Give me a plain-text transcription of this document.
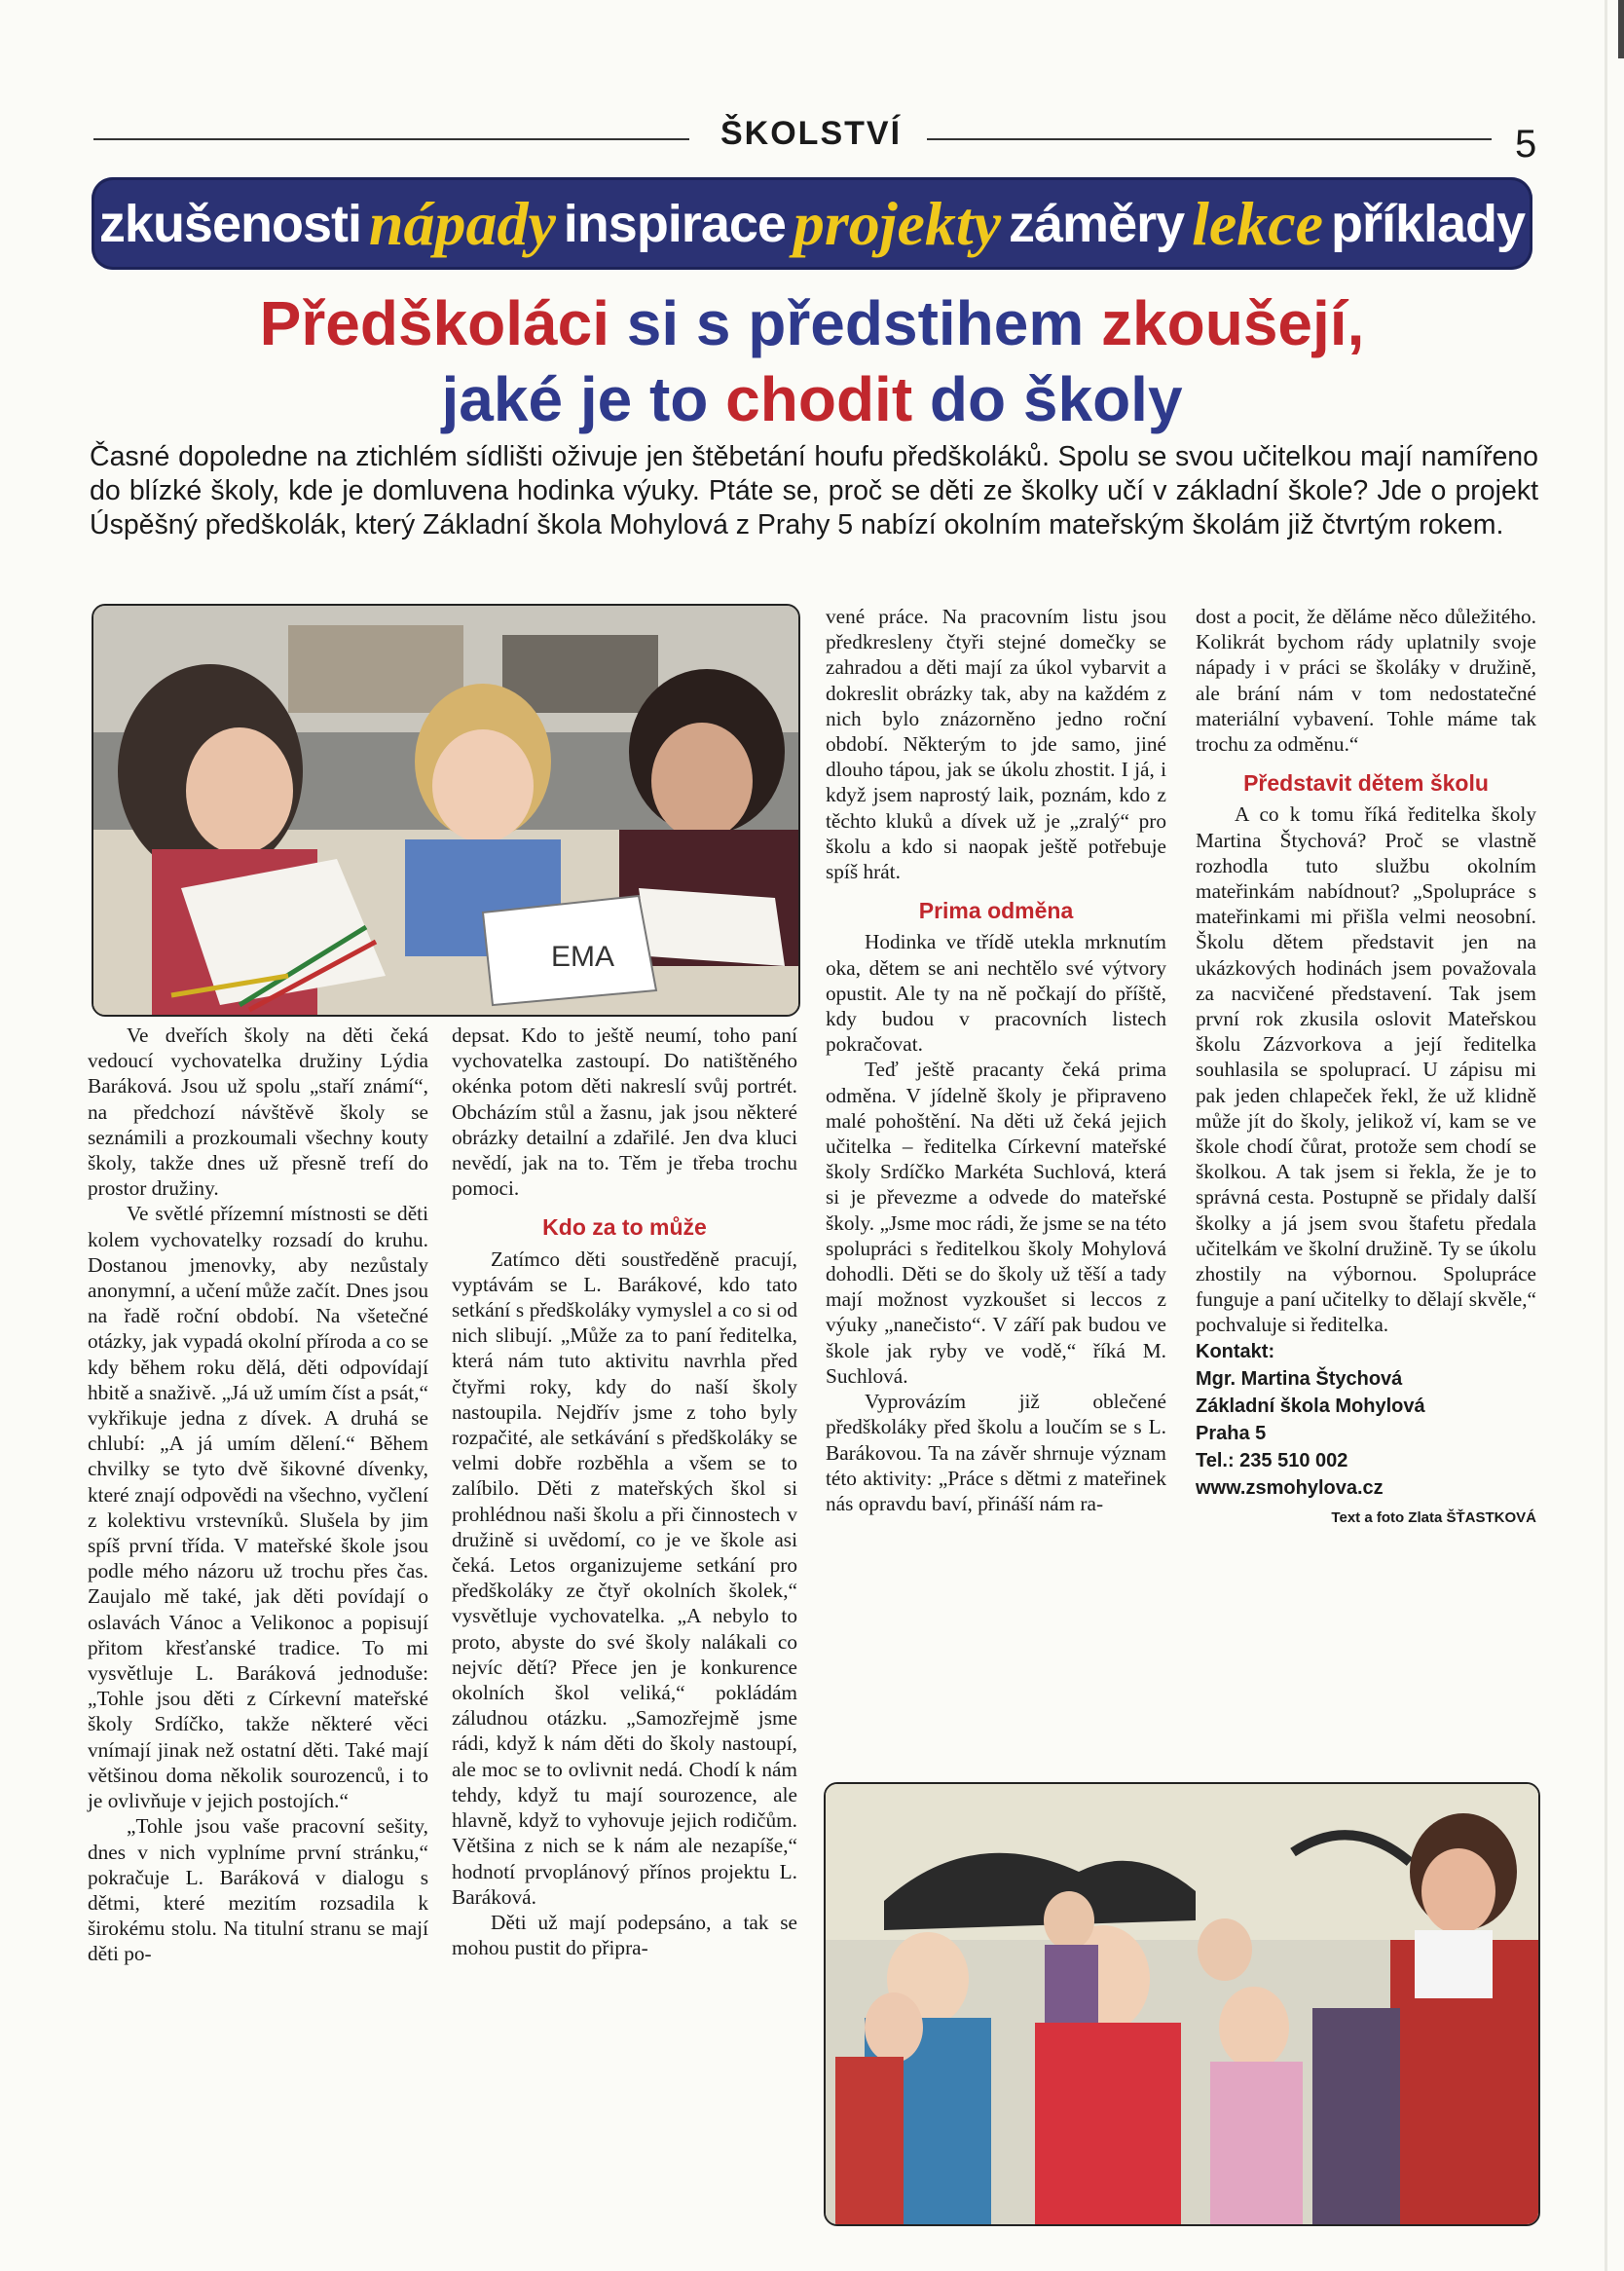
ŠKOLSTVÍ	5
zkušenosti nápady inspirace projekty záměry lekce příklady
Předškoláci si s předstihem zkoušejí,
jaké je to chodit do školy
Časné dopoledne na ztichlém sídlišti oživuje jen štěbetání houfu předškoláků. Spolu se svou učitelkou mají namířeno do blízké školy, kde je domluvena hodinka výuky. Ptáte se, proč se děti ze školky učí v základní škole? Jde o projekt Úspěšný předškolák, který Základní škola Mohylová z Prahy 5 nabízí okolním mateřským školám již čtvrtým rokem.
EMA

Ve dveřích školy na děti čeká vedoucí vychovatelka družiny Lýdia Baráková. Jsou už spolu „staří známí“, na předchozí návštěvě školy se seznámili a prozkoumali všechny kouty školy, takže dnes už přesně trefí do prostor družiny.

Ve světlé přízemní místnosti se děti kolem vychovatelky rozsadí do kruhu. Dostanou jmenovky, aby nezůstaly anonymní, a učení může začít. Dnes jsou na řadě roční období. Na všetečné otázky, jak vypadá okolní příroda a co se kdy během roku dělá, děti odpovídají hbitě a snaživě. „Já už umím číst a psát,“ vykřikuje jedna z dívek. A druhá se chlubí: „A já umím dělení.“ Během chvilky se tyto dvě šikovné dívenky, které znají odpovědi na všechno, vyčlení z kolektivu vrstevníků. Slušela by jim spíš první třída. V mateřské škole jsou podle mého názoru už trochu přes čas. Zaujalo mě také, jak děti povídají o oslavách Vánoc a Velikonoc a popisují přitom křesťanské tradice. To mi vysvětluje L. Baráková jednoduše: „Tohle jsou děti z Církevní mateřské školy Srdíčko, takže některé věci vnímají jinak než ostatní děti. Také mají většinou doma několik sourozenců, i to je ovlivňuje v jejich postojích.“

„Tohle jsou vaše pracovní sešity, dnes v nich vyplníme první stránku,“ pokračuje L. Baráková v dialogu s dětmi, které mezitím rozsadila k širokému stolu. Na titulní stranu se mají děti po-

depsat. Kdo to ještě neumí, toho paní vychovatelka zastoupí. Do natištěného okénka potom děti nakreslí svůj portrét. Obcházím stůl a žasnu, jak jsou některé obrázky detailní a zdařilé. Jen dva kluci nevědí, jak na to. Těm je třeba trochu pomoci.

Kdo za to může

Zatímco děti soustředěně pracují, vyptávám se L. Barákové, kdo tato setkání s předškoláky vymyslel a co si od nich slibují. „Může za to paní ředitelka, která nám tuto aktivitu navrhla před čtyřmi roky, kdy do naší školy nastoupila. Nejdřív jsme z toho byly rozpačité, ale setkávání s předškoláky se velmi dobře rozběhla a všem se to zalíbilo. Děti z mateřských škol si prohlédnou naši školu a při činnostech v družině si uvědomí, co je ve škole asi čeká. Letos organizujeme setkání pro předškoláky ze čtyř okolních školek,“ vysvětluje vychovatelka. „A nebylo to proto, abyste do své školy nalákali co nejvíc dětí? Přece jen je konkurence okolních škol veliká,“ pokládám záludnou otázku. „Samozřejmě jsme rádi, když k nám děti do školy nastoupí, ale moc se to ovlivnit nedá. Chodí k nám tehdy, když tu mají sourozence, ale hlavně, když to vyhovuje jejich rodičům. Většina z nich se k nám ale nezapíše,“ hodnotí prvoplánový přínos projektu L. Baráková.

Děti už mají podepsáno, a tak se mohou pustit do připra-

vené práce. Na pracovním listu jsou předkresleny čtyři stejné domečky se zahradou a děti mají za úkol vybarvit a dokreslit obrázky tak, aby na každém z nich bylo znázorněno jedno roční období. Některým to jde samo, jiné dlouho tápou, jak se úkolu zhostit. I já, i když jsem naprostý laik, poznám, kdo z těchto kluků a dívek už je „zralý“ pro školu a kdo si naopak ještě potřebuje spíš hrát.

Prima odměna

Hodinka ve třídě utekla mrknutím oka, dětem se ani nechtělo své výtvory opustit. Ale ty na ně počkají do příště, kdy budou v pracovních listech pokračovat.

Teď ještě pracanty čeká prima odměna. V jídelně školy je připraveno malé pohoštění. Na děti už čeká jejich učitelka – ředitelka Církevní mateřské školy Srdíčko Markéta Suchlová, která si je převezme a odvede do mateřské školy. „Jsme moc rádi, že jsme se na této spolupráci s ředitelkou školy Mohylová dohodli. Děti se do školy už těší a tady mají možnost vyzkoušet si leccos z výuky „nanečisto“. V září pak budou ve škole jak ryby ve vodě,“ říká M. Suchlová.

Vyprovázím již oblečené předškoláky před školu a loučím se s L. Barákovou. Ta na závěr shrnuje význam této aktivity: „Práce s dětmi z mateřinek nás opravdu baví, přináší nám ra-

dost a pocit, že děláme něco důležitého. Kolikrát bychom rády uplatnily svoje nápady i v práci se školáky v družině, ale brání nám v tom nedostatečné materiální vybavení. Tohle máme tak trochu za odměnu.“

Představit dětem školu

A co k tomu říká ředitelka školy Martina Štychová? Proč se vlastně rozhodla tuto službu okolním mateřinkám nabídnout? „Spolupráce s mateřinkami mi přišla velmi neosobní. Školu dětem představit jen na ukázkových hodinách jsem považovala za nacvičené představení. Tak jsem první rok zkusila oslovit Mateřskou školu Zázvorkova a její ředitelka souhlasila se spoluprací. U zápisu mi pak jeden chlapeček řekl, že už klidně může jít do školy, jelikož ví, kam se ve škole chodí čůrat, protože sem chodí se školkou. A tak jsem si řekla, že je to správná cesta. Postupně se přidaly další školky a já jsem svou štafetu předala učitelkám ve školní družině. Ty se úkolu zhostily na výbornou. Spolupráce funguje a paní učitelky to dělají skvěle,“ pochvaluje si ředitelka.

Kontakt:
Mgr. Martina Štychová
Základní škola Mohylová
Praha 5
Tel.: 235 510 002
www.zsmohylova.cz
Text a foto Zlata ŠŤASTKOVÁ
